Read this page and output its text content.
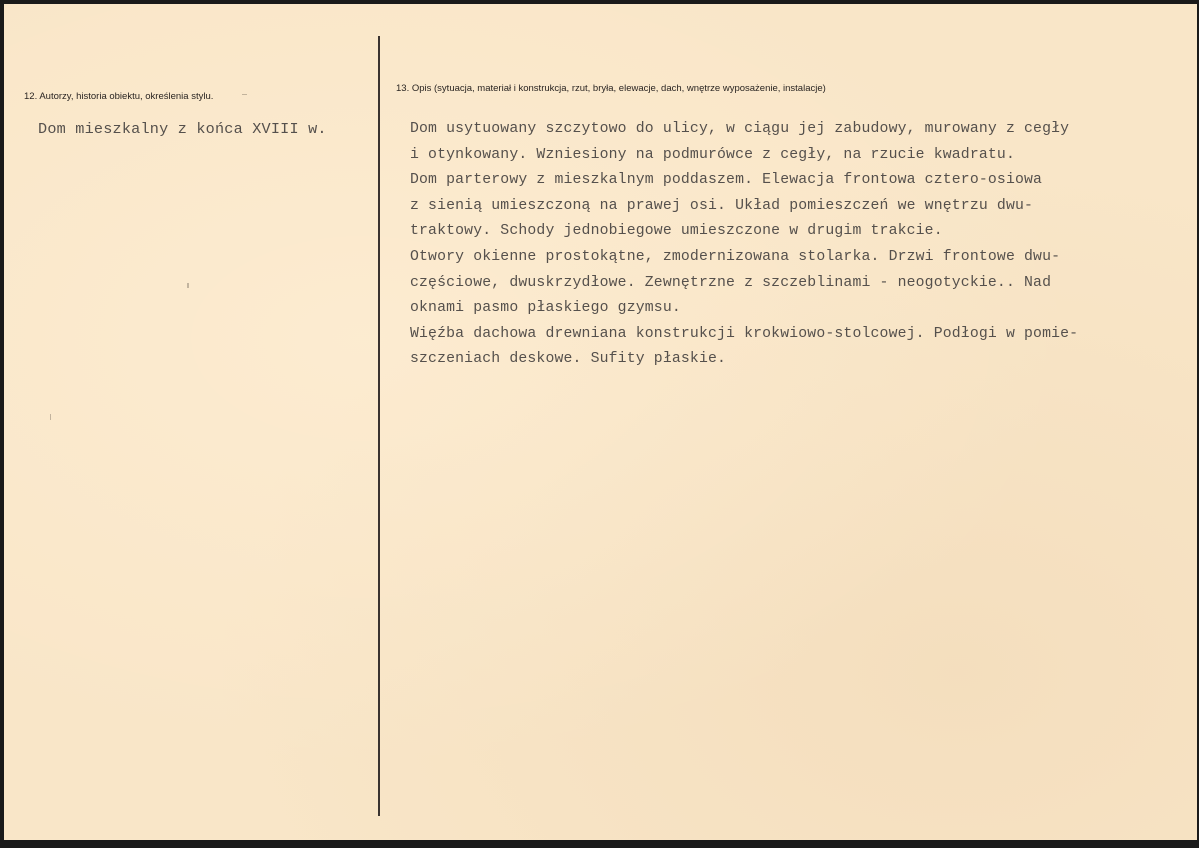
12. Autorzy, historia obiektu, określenia stylu.
Dom mieszkalny z końca XVIII w.
13. Opis (sytuacja, materiał i konstrukcja, rzut, bryła, elewacje, dach, wnętrze wyposażenie, instalacje)
Dom usytuowany szczytowo do ulicy, w ciągu jej zabudowy, murowany z cegły
i otynkowany. Wzniesiony na podmurówce z cegły, na rzucie kwadratu.
Dom parterowy z mieszkalnym poddaszem. Elewacja frontowa cztero-osiowa
z sienią umieszczoną na prawej osi. Układ pomieszczeń we wnętrzu dwu-
traktowy. Schody jednobiegowe umieszczone w drugim trakcie.
Otwory okienne prostokątne, zmodernizowana stolarka. Drzwi frontowe dwu-
częściowe, dwuskrzydłowe. Zewnętrzne z szczeblinami - neogotyckie.. Nad
oknami pasmo płaskiego gzymsu.
Więźba dachowa drewniana konstrukcji krokwiowo-stolcowej. Podłogi w pomie-
szczeniach deskowe. Sufity płaskie.
